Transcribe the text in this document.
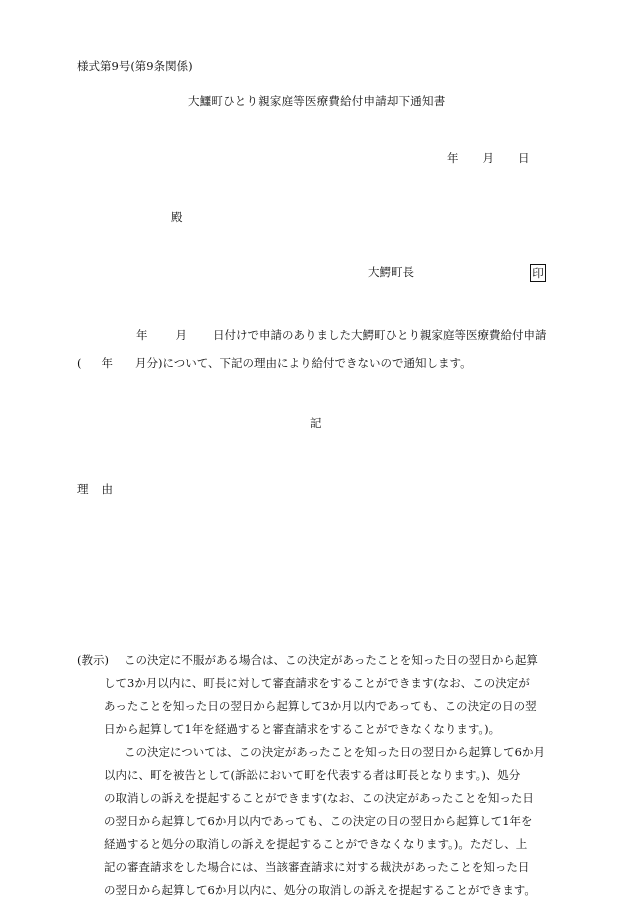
様式第9号(第9条関係)
大鱷町ひとり親家庭等医療費給付申請却下通知書
年 月 日
殿
大鰐町長	印
年 月 日付けで申請のありました大鰐町ひとり親家庭等医療費給付申請
( 年 月分)について、下記の理由により給付できないので通知します。
記
理 由
(教示) この決定に不服がある場合は、この決定があったことを知った日の翌日から起算
して3か月以内に、町長に対して審査請求をすることができます(なお、この決定が
あったことを知った日の翌日から起算して3か月以内であっても、この決定の日の翌
日から起算して1年を経過すると審査請求をすることができなくなります。)。
この決定については、この決定があったことを知った日の翌日から起算して6か月
以内に、町を被告として(訴訟において町を代表する者は町長となります。)、処分
の取消しの訴えを提起することができます(なお、この決定があったことを知った日
の翌日から起算して6か月以内であっても、この決定の日の翌日から起算して1年を
経過すると処分の取消しの訴えを提起することができなくなります。)。ただし、上
記の審査請求をした場合には、当該審査請求に対する裁決があったことを知った日
の翌日から起算して6か月以内に、処分の取消しの訴えを提起することができます。
